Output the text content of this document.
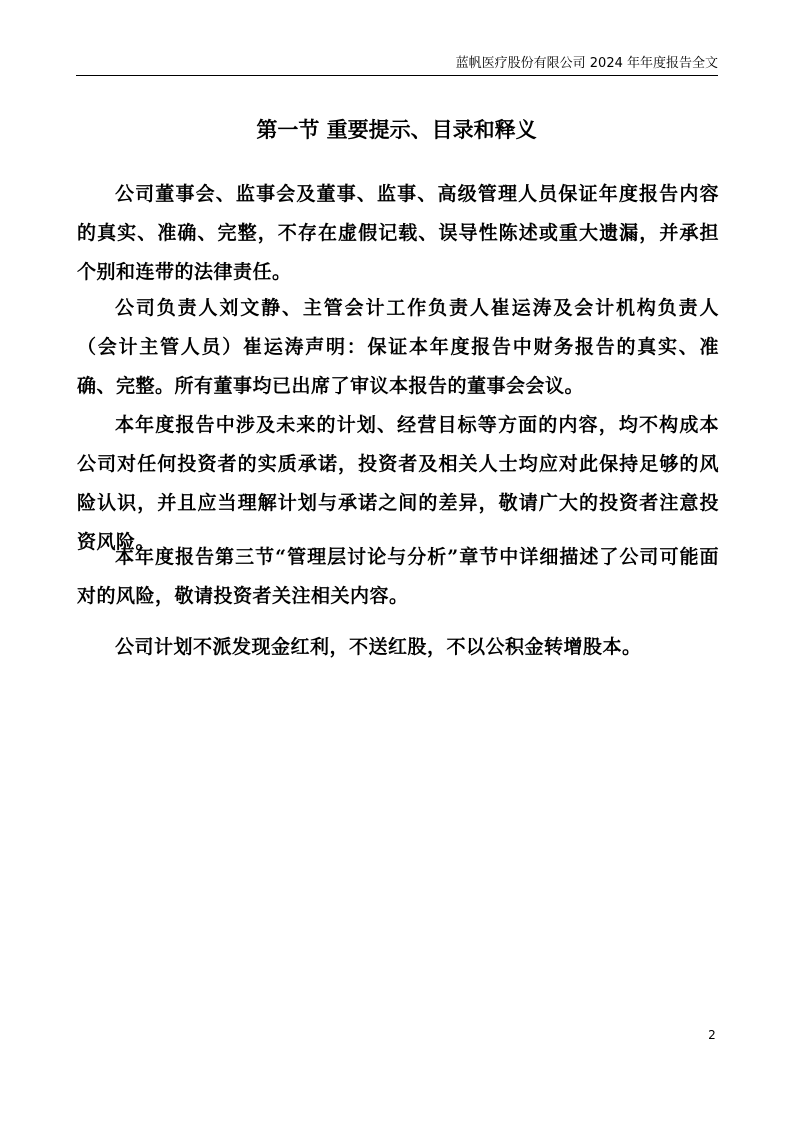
蓝帆医疗股份有限公司 2024 年年度报告全文
第一节 重要提示、目录和释义

公司董事会、监事会及董事、监事、高级管理人员保证年度报告内容的真实、准确、完整，不存在虚假记载、误导性陈述或重大遗漏，并承担个别和连带的法律责任。

公司负责人刘文静、主管会计工作负责人崔运涛及会计机构负责人（会计主管人员）崔运涛声明：保证本年度报告中财务报告的真实、准确、完整。所有董事均已出席了审议本报告的董事会会议。

本年度报告中涉及未来的计划、经营目标等方面的内容，均不构成本公司对任何投资者的实质承诺，投资者及相关人士均应对此保持足够的风险认识，并且应当理解计划与承诺之间的差异，敬请广大的投资者注意投资风险。

本年度报告第三节“管理层讨论与分析”章节中详细描述了公司可能面对的风险，敬请投资者关注相关内容。

公司计划不派发现金红利，不送红股，不以公积金转增股本。

2
